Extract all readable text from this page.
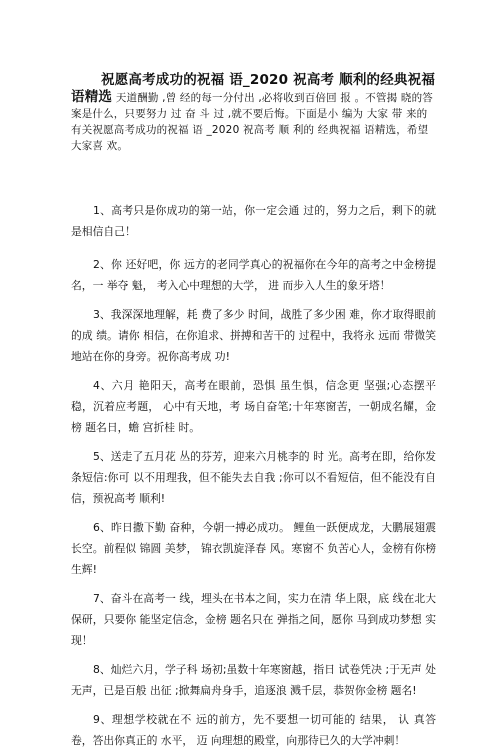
祝愿高考成功的祝福 语_2020 祝高考 顺利的经典祝福 语精选 天道酬勤 ,曾 经的每一分付出 ,必将收到百倍回 报 。不管揭 晓的答案是什么，只要努力 过 奋 斗 过 ,就不要后悔。下面是小 编为 大家 带 来的有关祝愿高考成功的祝福 语 _2020 祝高考 顺 利的 经典祝福 语精选，希望大家喜 欢。

1、高考只是你成功的第一站，你一定会通 过的，努力之后，剩下的就是相信自己！

2、你 还好吧，你 远方的老同学真心的祝福你在今年的高考之中金榜提名，一 举夺 魁， 考入心中理想的大学， 进 而步入人生的象牙塔！

3、我深深地理解，耗 费了多少 时间，战胜了多少困 难，你才取得眼前的成 绩。请你 相信，在你追求、拼搏和苦干的 过程中，我将永 远而 带微笑地站在你的身旁。祝你高考成 功!

4、六月 艳阳天，高考在眼前，恐惧 虽生惧，信念更 坚强;心态摆平稳，沉着应考题， 心中有天地，考 场自奋笔;十年寒窗苦，一朝成名耀，金榜 题名日，蟾 宫折桂 时。

5、送走了五月花 丛的芬芳，迎来六月桃李的 时 光。高考在即，给你发条短信:你可 以不用理我，但不能失去自我 ;你可以不看短信，但不能没有自信，预祝高考 顺利!

6、昨日撒下勤 奋种，今朝一搏必成功。 鲤鱼一跃便成龙，大鹏展翅震 长空。前程似 锦圆 美梦， 锦衣凯旋泽春 风。寒窗不 负苦心人，金榜有你榜生辉!

7、奋斗在高考一 线，埋头在书本之间，实力在清 华上限，底 线在北大保研，只要你 能坚定信念，金榜 题名只在 弹指之间，愿你 马到成功梦想 实现！

8、灿烂六月，学子科 场初;虽数十年寒窗越，指日 试卷凭决 ;于无声 处无声，已是百般 出征 ;掀舞扁舟身手，追逐浪 溅千层，恭贺你金榜 题名!

9、理想学校就在不 远的前方，先不要想一切可能的 结果， 认 真答卷，答出你真正的 水平， 迈 向理想的殿堂，向那待已久的大学冲刺！
